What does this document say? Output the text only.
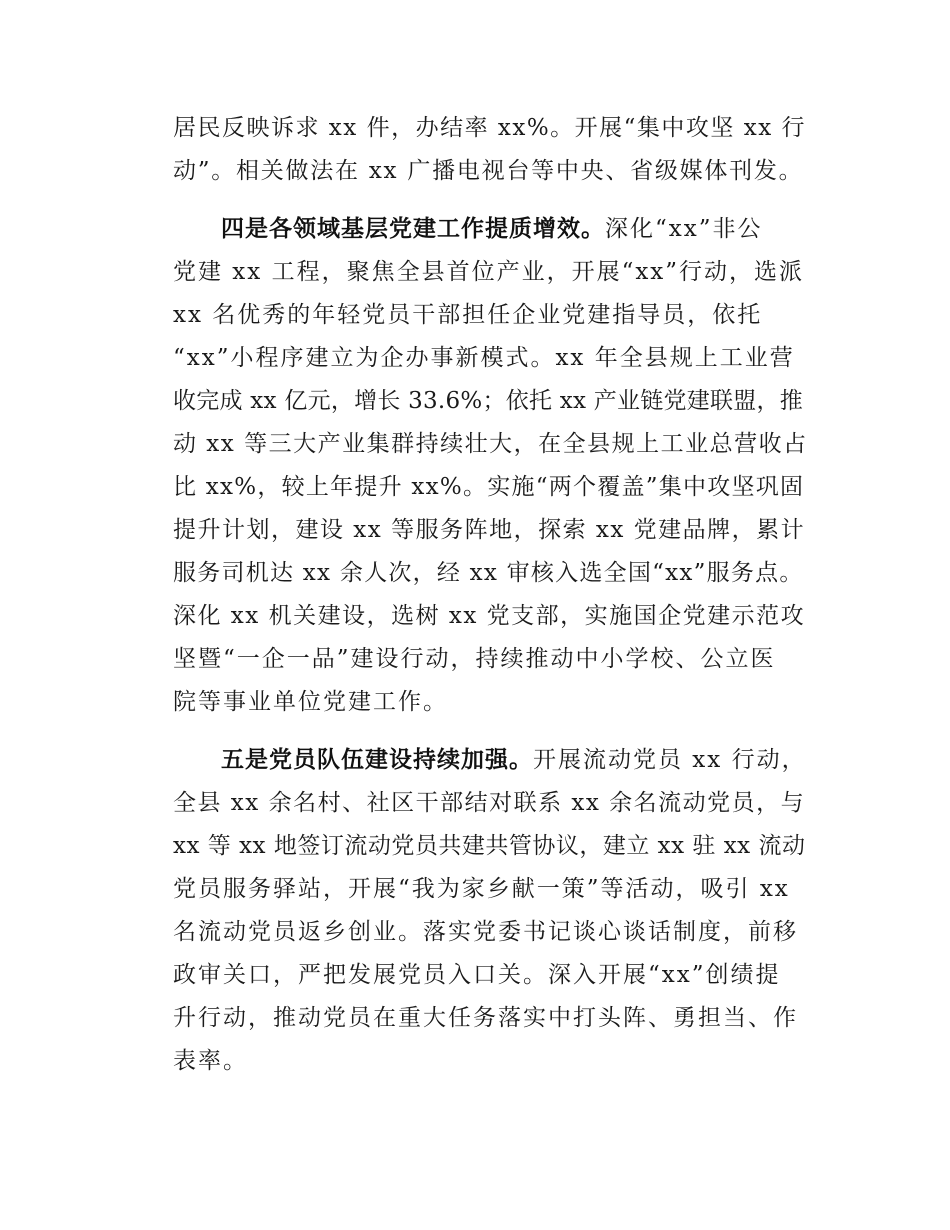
居民反映诉求 xx 件，办结率 xx%。开展“集中攻坚 xx 行
动”。相关做法在 xx 广播电视台等中央、省级媒体刊发。
四是各领域基层党建工作提质增效。深化“xx”非公
党建 xx 工程，聚焦全县首位产业，开展“xx”行动，选派
xx 名优秀的年轻党员干部担任企业党建指导员，依托
“xx”小程序建立为企办事新模式。xx 年全县规上工业营
收完成 xx 亿元，增长 33.6%；依托 xx 产业链党建联盟，推
动 xx 等三大产业集群持续壮大，在全县规上工业总营收占
比 xx%，较上年提升 xx%。实施“两个覆盖”集中攻坚巩固
提升计划，建设 xx 等服务阵地，探索 xx 党建品牌，累计
服务司机达 xx 余人次，经 xx 审核入选全国“xx”服务点。
深化 xx 机关建设，选树 xx 党支部，实施国企党建示范攻
坚暨“一企一品”建设行动，持续推动中小学校、公立医
院等事业单位党建工作。
五是党员队伍建设持续加强。开展流动党员 xx 行动，
全县 xx 余名村、社区干部结对联系 xx 余名流动党员，与
xx 等 xx 地签订流动党员共建共管协议，建立 xx 驻 xx 流动
党员服务驿站，开展“我为家乡献一策”等活动，吸引 xx
名流动党员返乡创业。落实党委书记谈心谈话制度，前移
政审关口，严把发展党员入口关。深入开展“xx”创绩提
升行动，推动党员在重大任务落实中打头阵、勇担当、作
表率。
